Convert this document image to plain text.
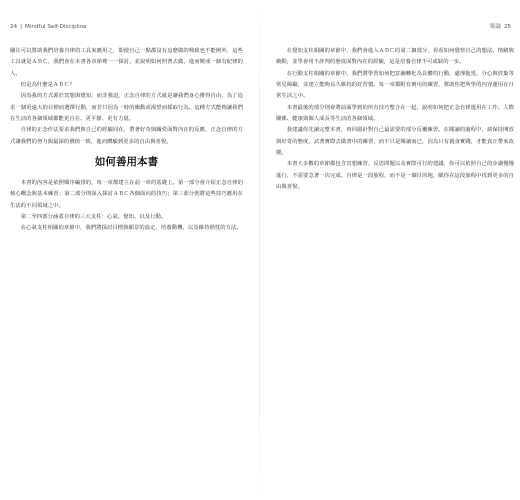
24 | Mindful Self-Discipline

關注可以幫助我們培養自律的工具來應用之，即使自己一點都沒有這麼做的興致也不能例外，這些工具就是ＡＢＣ，我們會在本書各章節裡一一探討，並說明如何照著去做，進而變成一個有紀律的人。

但是為什麼是ＡＢＣ？

因為我的方式源於冥想與覺知，而非強迫，正念自律的方式就是讓我們身心獲得自由，為了追求一個更遠大的目標而選擇行動，而非只因為一時的衝動或渴望而採取行為。這種方式能夠讓我們在生活的各個領域都能更自在、更平靜、更有力量。

自律的正念作法要求我們與自己的經驗同在，帶著好奇與關愛面對內在的反應，正念自律的方式讓我們的努力與最深的價值一致，進而體驗到更多的自由與喜悅。

如何善用本書

本書的內容是依照順序編排的，每一章都建立在前一章的基礎上。第一部分會介紹正念自律的核心概念與基本練習；第二部分則深入探討ＡＢＣ各個面向的技巧；第三部分則將這些技巧應用在生活的不同領域之中。

第二至四部分涵蓋自律的三大支柱：心氣、覺知、以及行動。

在心氣支柱相關的章節中，我們將探討目標與願景的設定，培養動機，以及維持熱忱的方法。

導論 25

在覺知支柱相關的章節中，我們會進入ＡＢＣ的第二個部分，看看如何覺察自己的想法、情緒與衝動，並學會用不評判的態度面對內在的經驗，這是培養自律不可或缺的一步。

在行動支柱相關的章節中，我們將學習如何把意圖轉化為具體的行動，處理拖延、分心與放棄等常見障礙，並建立能夠長久維持的好習慣。每一章都附有實用的練習，幫助你把所學的內容運用在日常生活之中。

本書最後的部分則會將前面學到的所有技巧整合在一起，說明如何把正念自律運用在工作、人際關係、健康與個人成長等生活的各個領域。

我建議你先讀完整本書，再回頭針對自己最需要的部分反覆練習。在閱讀的過程中，請保持開放與好奇的態度，試著實際去做書中的練習，而不只是閱讀而已，因為只有親身實踐，才能真正帶來改變。

本書大多數的章節都包含冥想練習、反思問題以及實際可行的建議，你可以依照自己的步調慢慢進行，不需要急著一次完成。自律是一段旅程，而不是一個目的地，願你在這段旅程中找到更多的自由與喜悅。
